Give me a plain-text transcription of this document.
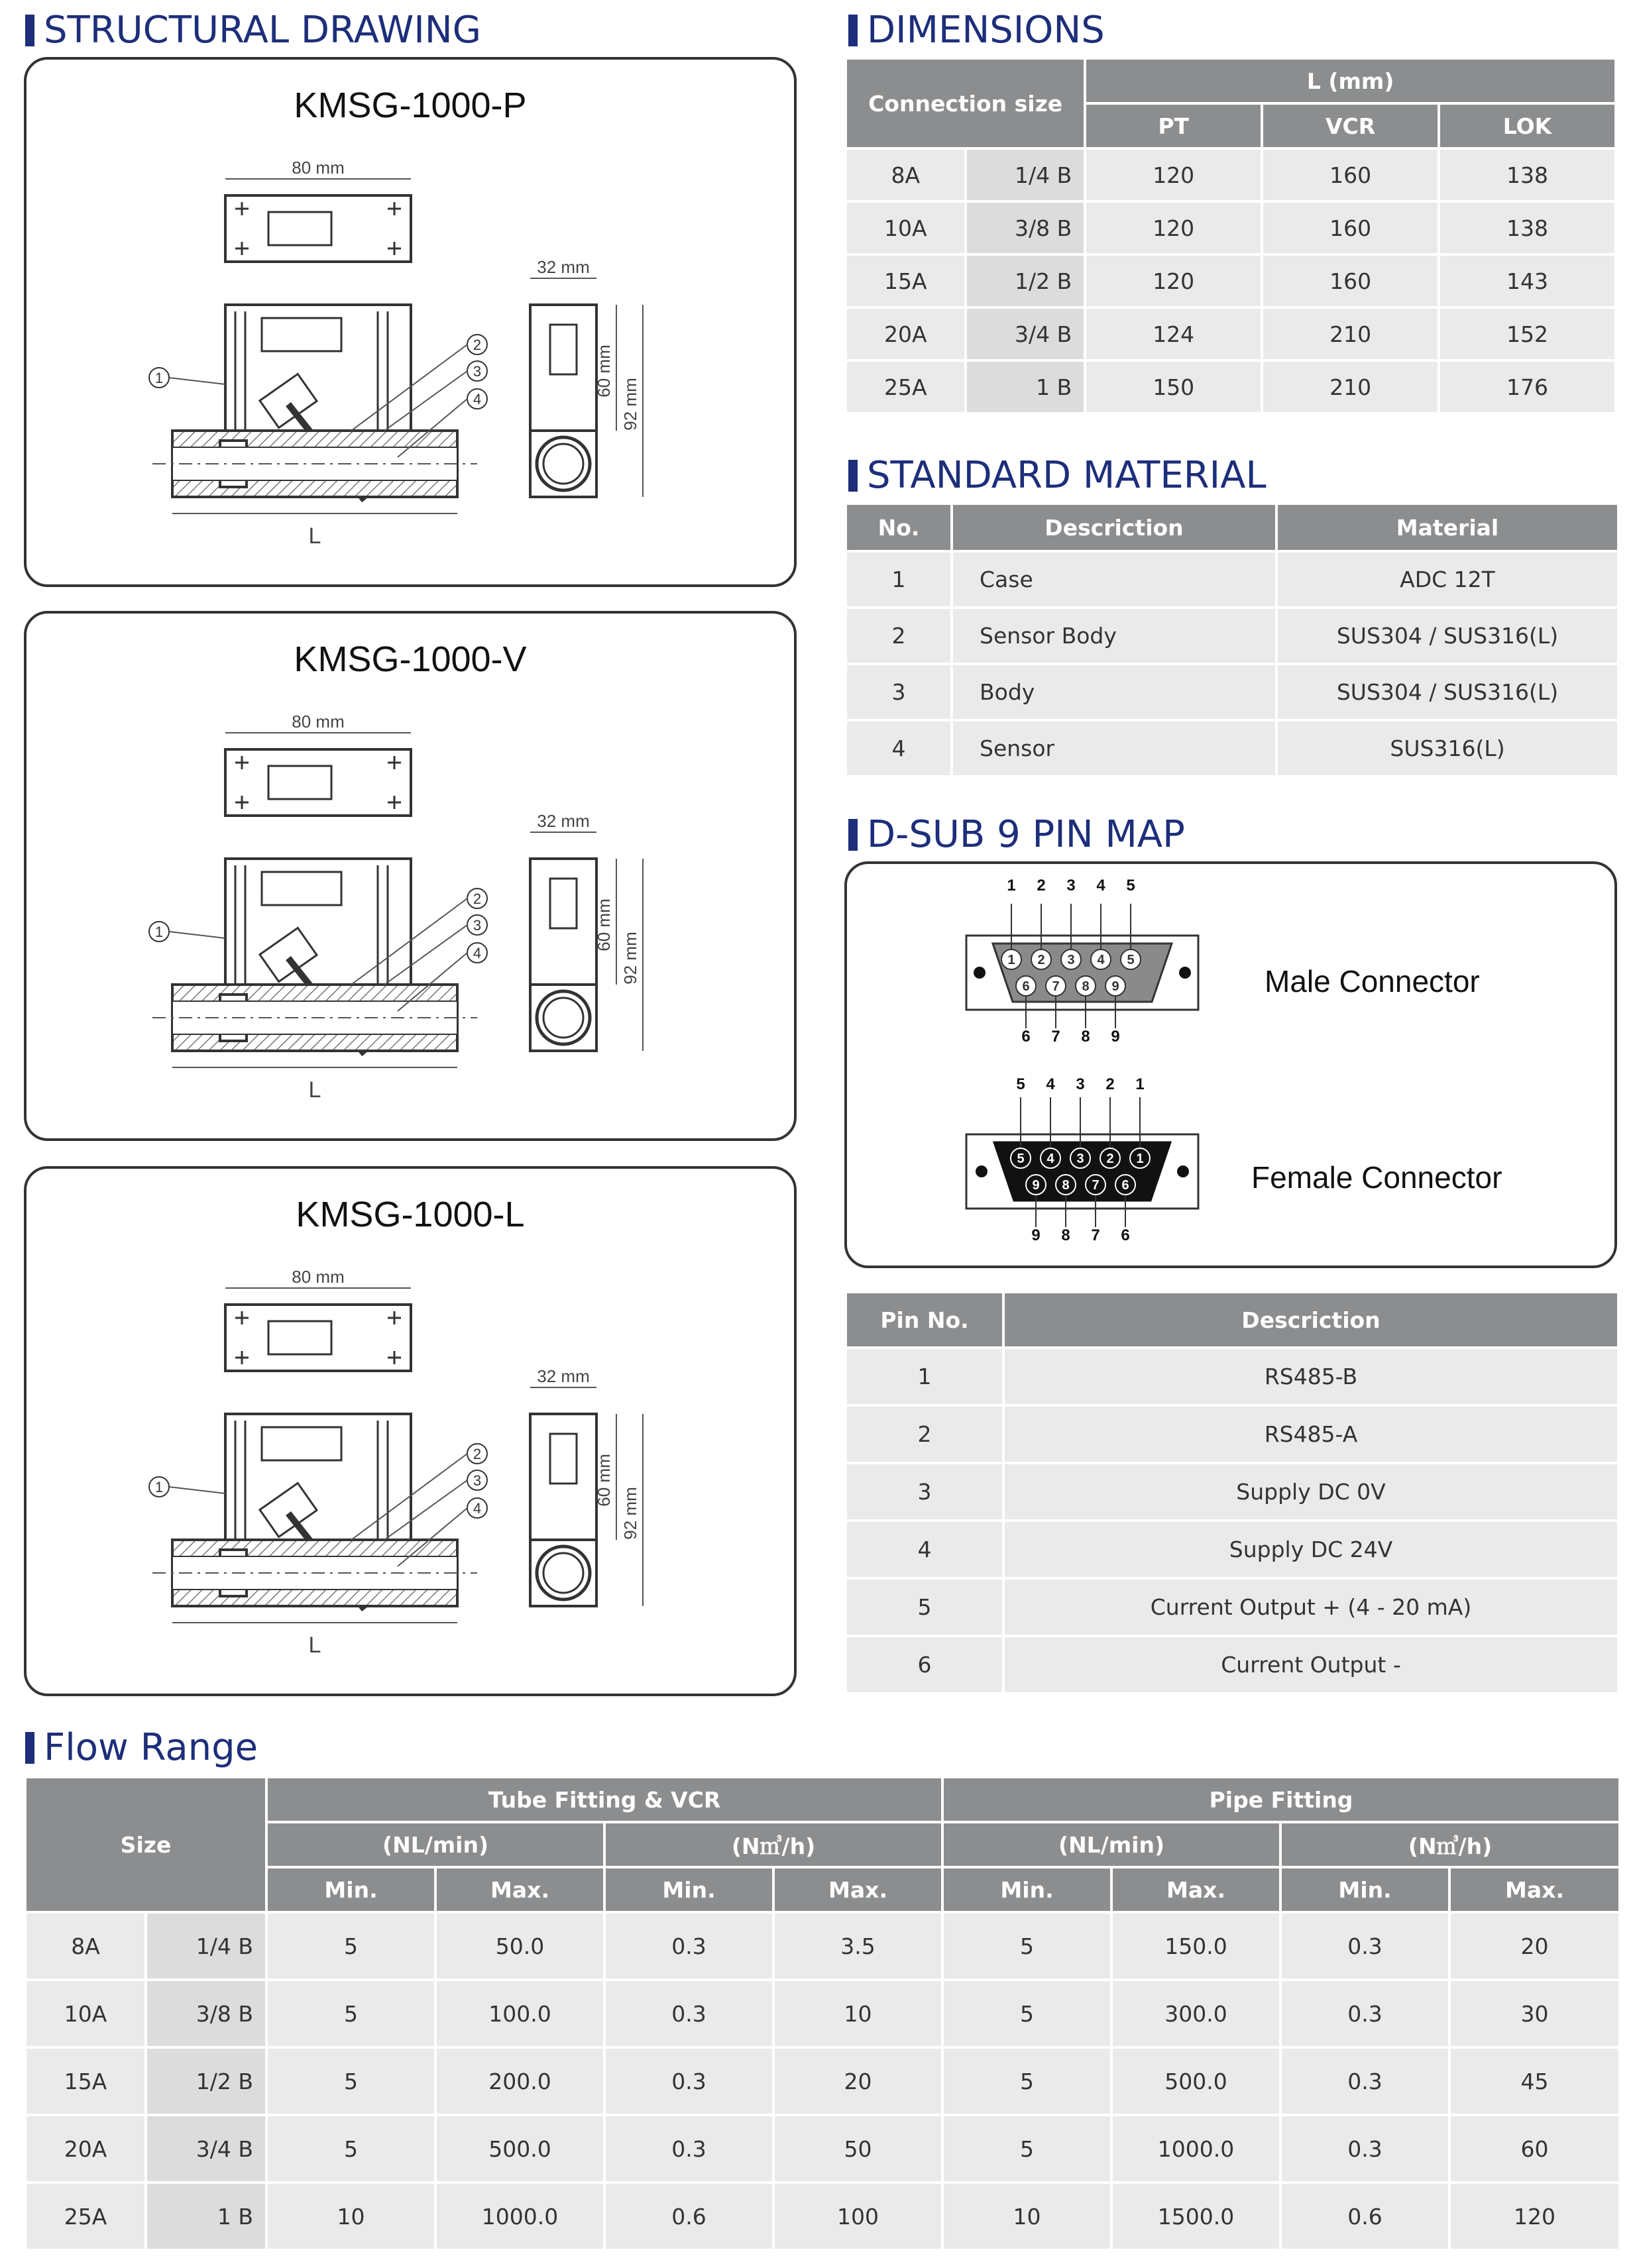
STRUCTURAL DRAWING
KMSG-1000-P
80 mm
L
1
2
3
4
32 mm
60 mm
92 mm
KMSG-1000-V
80 mm
L
1
2
3
4
32 mm
60 mm
92 mm
KMSG-1000-L
80 mm
L
1
2
3
4
32 mm
60 mm
92 mm
DIMENSIONS
Connection size		L (mm)		
		PT	VCR	LOK
8A	1/4 B	120	160	138
10A	3/8 B	120	160	138
15A	1/2 B	120	160	143
20A	3/4 B	124	210	152
25A	1 B	150	210	176
STANDARD MATERIAL
No.	Descriction	Material
1	Case	ADC 12T
2	Sensor Body	SUS304 / SUS316(L)
3	Body	SUS304 / SUS316(L)
4	Sensor	SUS316(L)
D-SUB 9 PIN MAP
1
1
2
2
3
3
4
4
5
5
6
6
7
7
8
8
9
9
5
5
4
4
3
3
2
2
1
1
9
9
8
8
7
7
6
6
Male Connector
Female Connector
Pin No.	Descriction
1	RS485-B
2	RS485-A
3	Supply DC 0V
4	Supply DC 24V
5	Current Output + (4 - 20 mA)
6	Current Output -
Flow Range
Size		Tube Fitting & VCR				Pipe Fitting			
		(NL/min)		(N㎥/h)		(NL/min)		(N㎥/h)	
		Min.	Max.	Min.	Max.	Min.	Max.	Min.	Max.
8A	1/4 B	5	50.0	0.3	3.5	5	150.0	0.3	20
10A	3/8 B	5	100.0	0.3	10	5	300.0	0.3	30
15A	1/2 B	5	200.0	0.3	20	5	500.0	0.3	45
20A	3/4 B	5	500.0	0.3	50	5	1000.0	0.3	60
25A	1 B	10	1000.0	0.6	100	10	1500.0	0.6	120
